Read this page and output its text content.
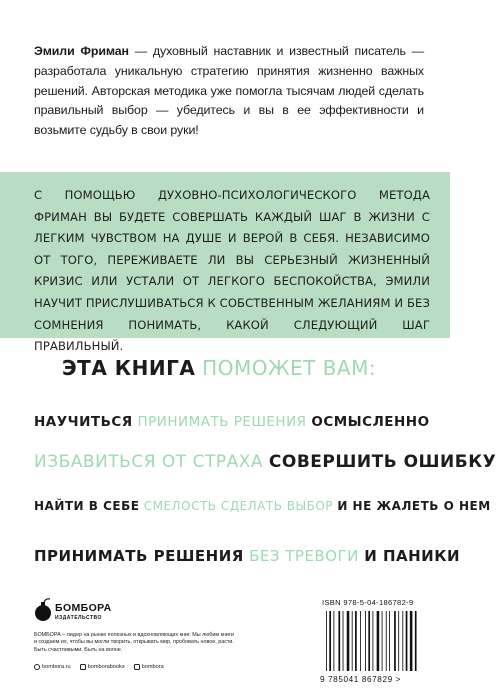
Эмили Фриман — духовный наставник и известный писатель — разработала уникальную стратегию принятия жизненно важных решений. Авторская методика уже помогла тысячам людей сделать правильный выбор — убедитесь и вы в ее эффективности и возьмите судьбу в свои руки!
С ПОМОЩЬЮ ДУХОВНО-ПСИХОЛОГИЧЕСКОГО МЕТОДА ФРИМАН ВЫ БУДЕТЕ СОВЕРШАТЬ КАЖДЫЙ ШАГ В ЖИЗНИ С ЛЕГКИМ ЧУВСТВОМ НА ДУШЕ И ВЕРОЙ В СЕБЯ. НЕЗАВИСИМО ОТ ТОГО, ПЕРЕЖИВАЕТЕ ЛИ ВЫ СЕРЬЕЗНЫЙ ЖИЗНЕННЫЙ КРИЗИС ИЛИ УСТАЛИ ОТ ЛЕГКОГО БЕСПОКОЙСТВА, ЭМИЛИ НАУЧИТ ПРИСЛУШИВАТЬСЯ К СОБСТВЕННЫМ ЖЕЛАНИЯМ И БЕЗ СОМНЕНИЯ ПОНИМАТЬ, КАКОЙ СЛЕДУЮЩИЙ ШАГ ПРАВИЛЬНЫЙ.
ЭТА КНИГА ПОМОЖЕТ ВАМ:
НАУЧИТЬСЯ ПРИНИМАТЬ РЕШЕНИЯ ОСМЫСЛЕННО
ИЗБАВИТЬСЯ ОТ СТРАХА СОВЕРШИТЬ ОШИБКУ
НАЙТИ В СЕБЕ СМЕЛОСТЬ СДЕЛАТЬ ВЫБОР И НЕ ЖАЛЕТЬ О НЕМ
ПРИНИМАТЬ РЕШЕНИЯ БЕЗ ТРЕВОГИ И ПАНИКИ
БОМБОРА
ИЗДАТЕЛЬСТВО
БОМБОРА – лидер на рынке полезных и вдохновляющих книг. Мы любим книги и создаем их, чтобы вы могли творить, открывать мир, пробовать новое, расти. Быть счастливыми. Быть на волне.
bombora.ru	bomborabooks	bombora
ISBN 978-5-04-186782-9
9 785041 867829 >
